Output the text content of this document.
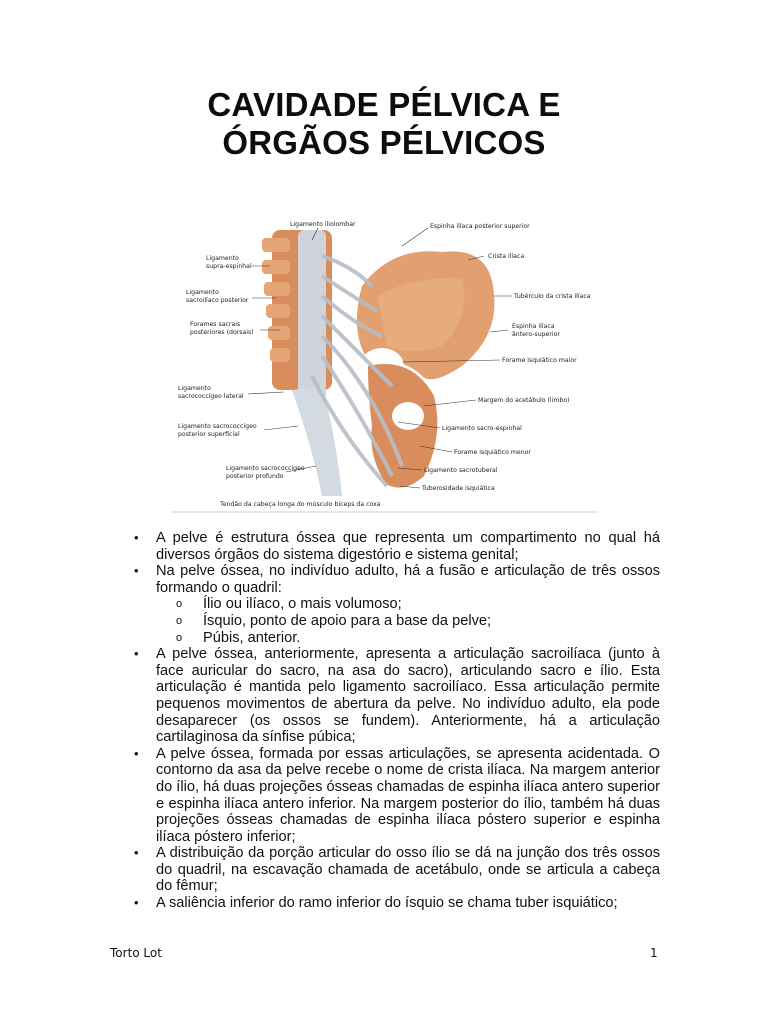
CAVIDADE PÉLVICA E
ÓRGÃOS PÉLVICOS
Ligamento iliolombar	Espinha ilíaca posterior superior
Crista ilíaca
Ligamento
supra-espinhal
Tubérculo da crista ilíaca
Ligamento
sacroilíaco posterior
Forames sacrais
posteriores (dorsais)
Espinha ilíaca
ântero-superior
Forame isquiático maior
Ligamento
sacrococcígeo lateral
Margem do acetábulo (limbo)
Ligamento sacro-espinhal
Ligamento sacrococcígeo
posterior superficial
Forame isquiático menor
Ligamento sacrococcígeo
posterior profundo
Ligamento sacrotuberal
Tuberosidade isquiática
Tendão da cabeça longa do músculo bíceps da coxa
•	A pelve é estrutura óssea que representa um compartimento no qual há diversos órgãos do sistema digestório e sistema genital;
•	Na pelve óssea, no indivíduo adulto, há a fusão e articulação de três ossos formando o quadril:
o Ílio ou ilíaco, o mais volumoso;
o Ísquio, ponto de apoio para a base da pelve;
o Púbis, anterior.
•	A pelve óssea, anteriormente, apresenta a articulação sacroilíaca (junto à face auricular do sacro, na asa do sacro), articulando sacro e ílio. Esta articulação é mantida pelo ligamento sacroilíaco. Essa articulação permite pequenos movimentos de abertura da pelve. No indivíduo adulto, ela pode desaparecer (os ossos se fundem). Anteriormente, há a articulação cartilaginosa da sínfise púbica;
•	A pelve óssea, formada por essas articulações, se apresenta acidentada. O contorno da asa da pelve recebe o nome de crista ilíaca. Na margem anterior do ílio, há duas projeções ósseas chamadas de espinha ilíaca antero superior e espinha ilíaca antero inferior. Na margem posterior do ílio, também há duas projeções ósseas chamadas de espinha ilíaca póstero superior e espinha ilíaca póstero inferior;
•	A distribuição da porção articular do osso ílio se dá na junção dos três ossos do quadril, na escavação chamada de acetábulo, onde se articula a cabeça do fêmur;
•	A saliência inferior do ramo inferior do ísquio se chama tuber isquiático;
Torto Lot	1
